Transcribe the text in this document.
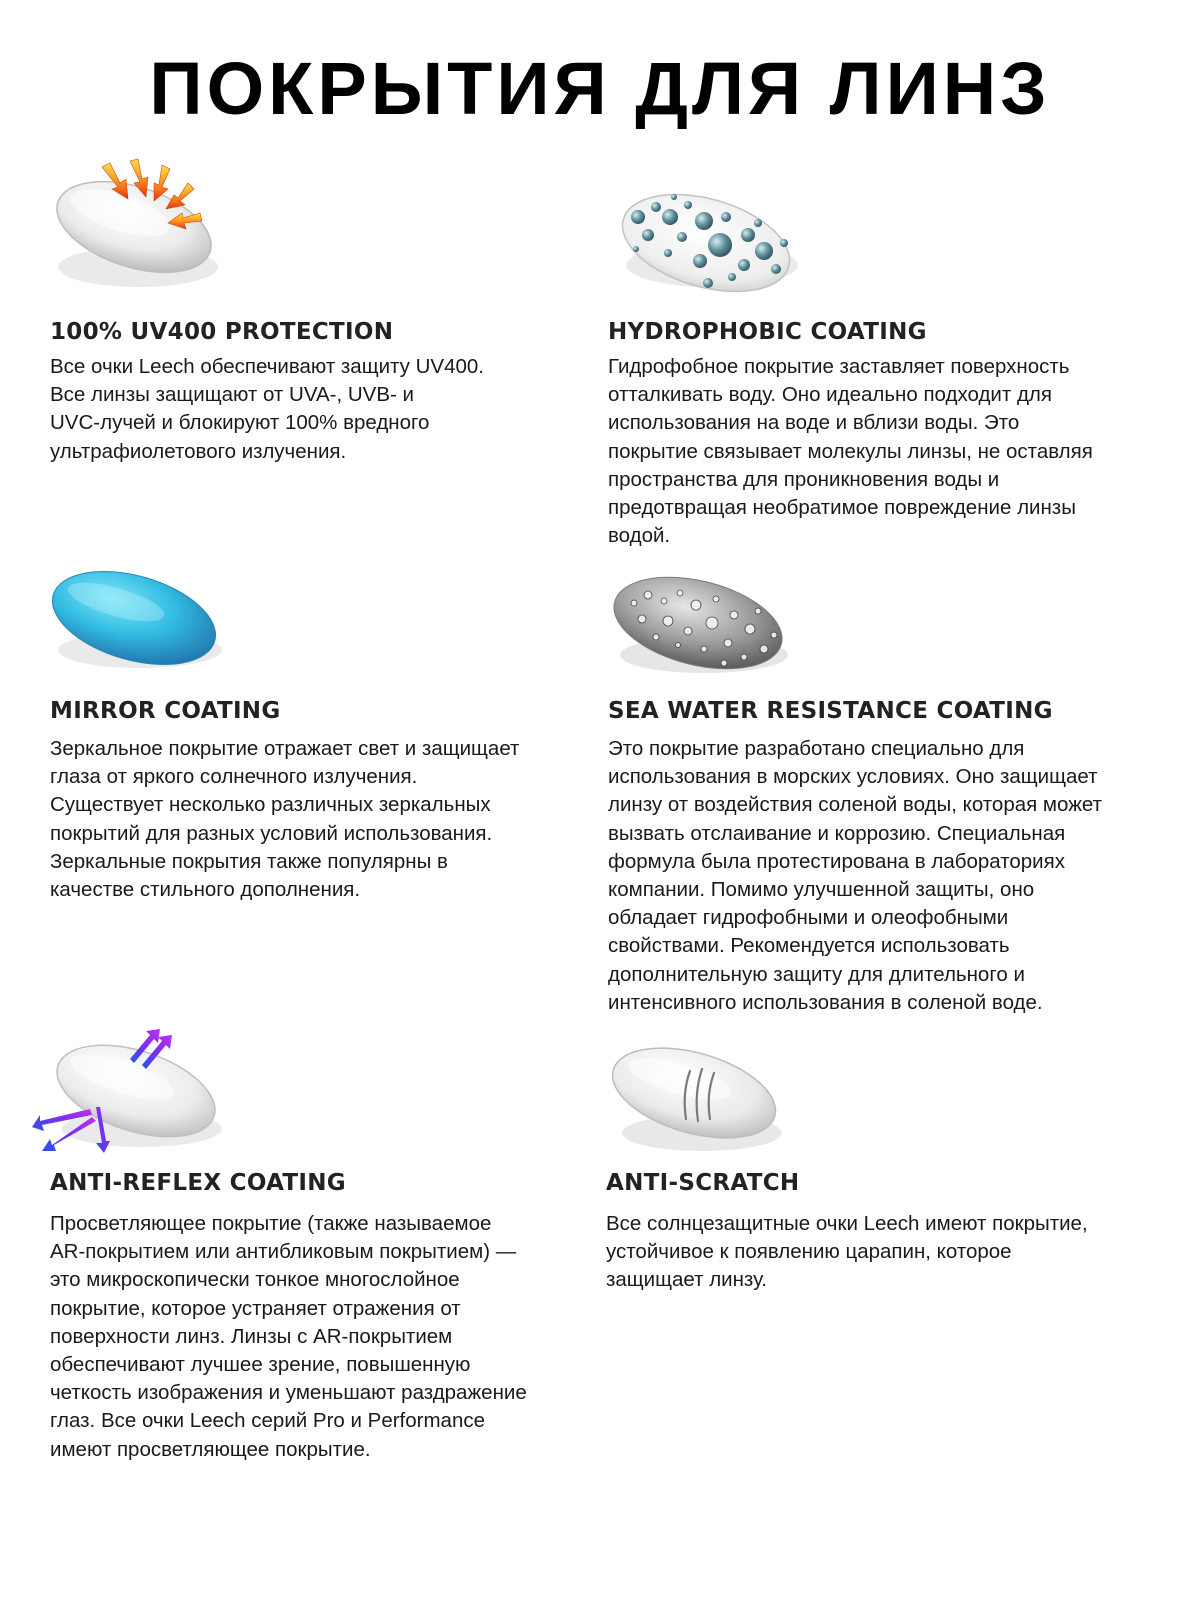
ПОКРЫТИЯ ДЛЯ ЛИНЗ
100% UV400 PROTECTION

Все очки Leech обеспечивают защиту UV400.
Все линзы защищают от UVA-, UVB- и
UVC-лучей и блокируют 100% вредного
ультрафиолетового излучения.

HYDROPHOBIC COATING

Гидрофобное покрытие заставляет поверхность
отталкивать воду. Оно идеально подходит для
использования на воде и вблизи воды. Это
покрытие связывает молекулы линзы, не оставляя
пространства для проникновения воды и
предотвращая необратимое повреждение линзы
водой.

MIRROR COATING

Зеркальное покрытие отражает свет и защищает
глаза от яркого солнечного излучения.
Существует несколько различных зеркальных
покрытий для разных условий использования.
Зеркальные покрытия также популярны в
качестве стильного дополнения.

SEA WATER RESISTANCE COATING

Это покрытие разработано специально для
использования в морских условиях. Оно защищает
линзу от воздействия соленой воды, которая может
вызвать отслаивание и коррозию. Специальная
формула была протестирована в лабораториях
компании. Помимо улучшенной защиты, оно
обладает гидрофобными и олеофобными
свойствами. Рекомендуется использовать
дополнительную защиту для длительного и
интенсивного использования в соленой воде.

ANTI-REFLEX COATING

Просветляющее покрытие (также называемое
AR-покрытием или антибликовым покрытием) —
это микроскопически тонкое многослойное
покрытие, которое устраняет отражения от
поверхности линз. Линзы с AR-покрытием
обеспечивают лучшее зрение, повышенную
четкость изображения и уменьшают раздражение
глаз. Все очки Leech серий Pro и Performance
имеют просветляющее покрытие.

ANTI-SCRATCH

Все солнцезащитные очки Leech имеют покрытие,
устойчивое к появлению царапин, которое
защищает линзу.
